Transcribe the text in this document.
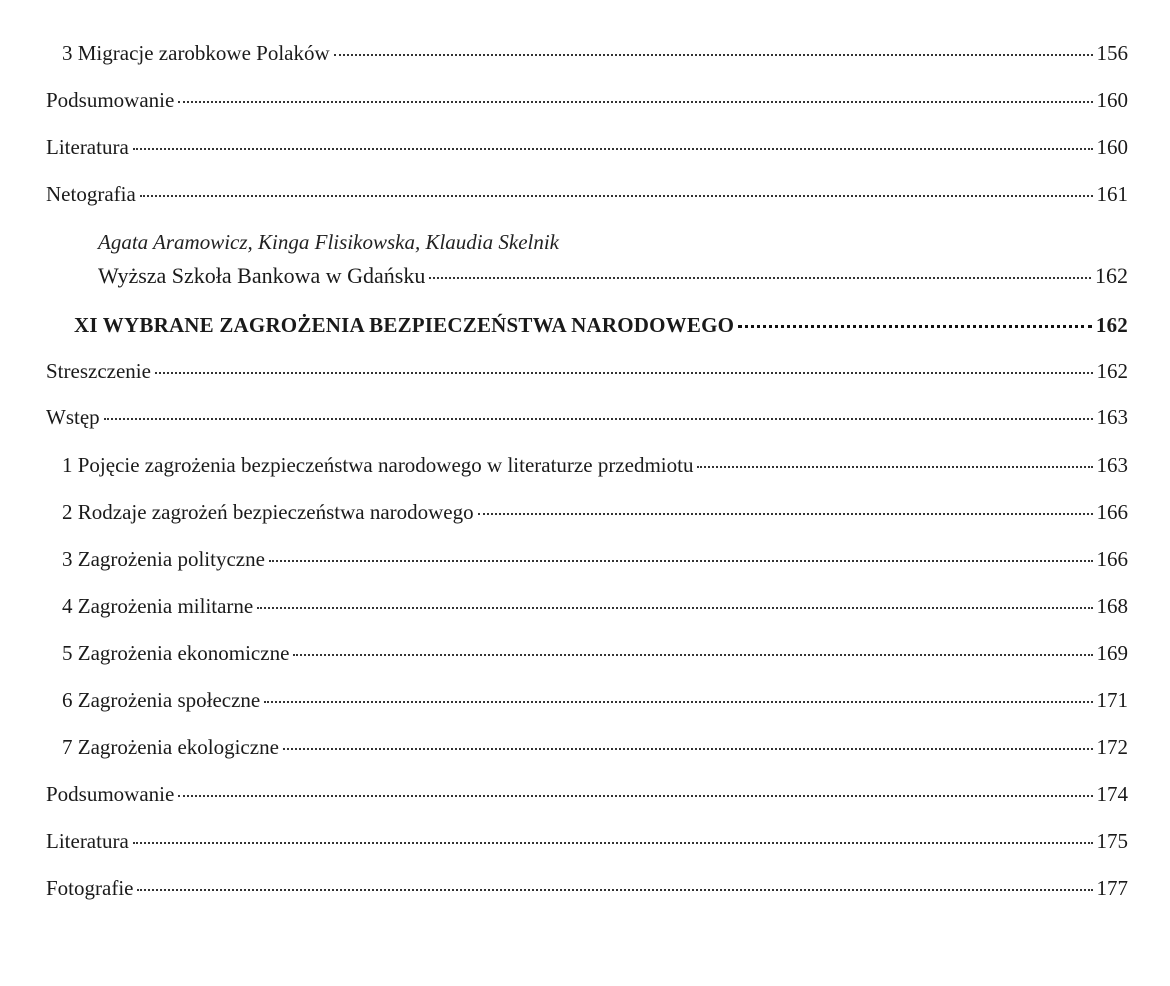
3 Migracje zarobkowe Polaków	156
Podsumowanie	160
Literatura	160
Netografia	161
Agata Aramowicz, Kinga Flisikowska, Klaudia Skelnik
Wyższa Szkoła Bankowa w Gdańsku	162
XI WYBRANE ZAGROŻENIA BEZPIECZEŃSTWA NARODOWEGO	162
Streszczenie	162
Wstęp	163
1 Pojęcie zagrożenia bezpieczeństwa narodowego w literaturze przedmiotu	163
2 Rodzaje zagrożeń bezpieczeństwa narodowego	166
3 Zagrożenia polityczne	166
4 Zagrożenia militarne	168
5 Zagrożenia ekonomiczne	169
6 Zagrożenia społeczne	171
7 Zagrożenia ekologiczne	172
Podsumowanie	174
Literatura	175
Fotografie	177
